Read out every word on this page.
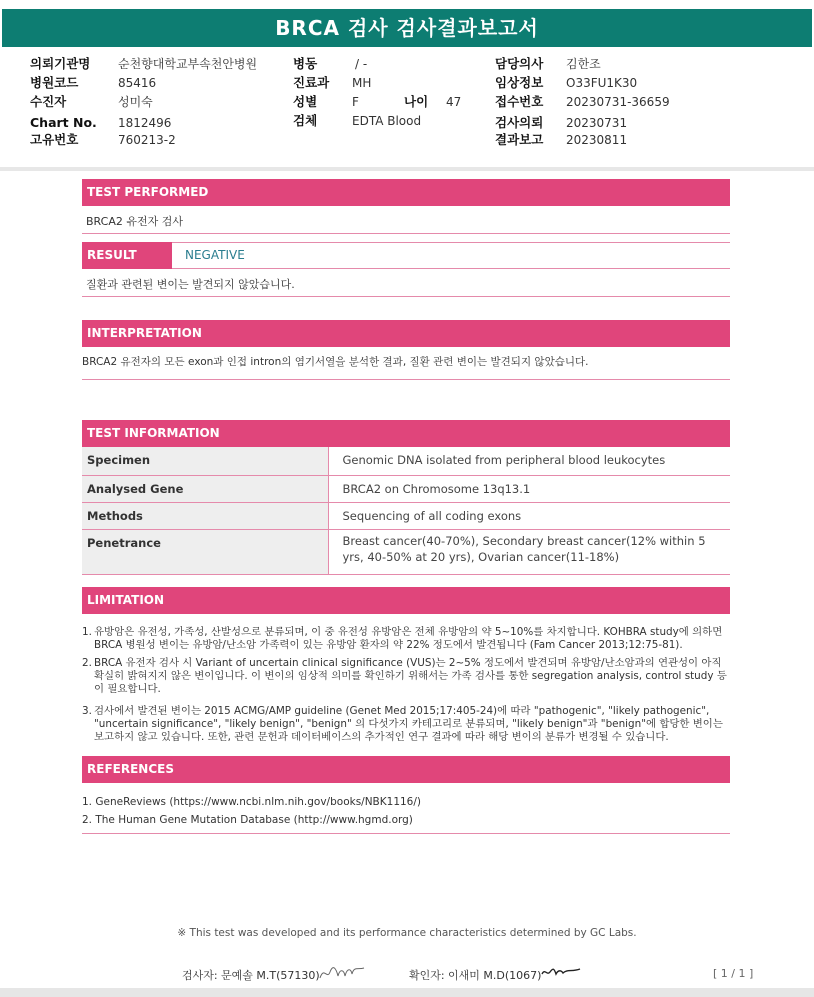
BRCA 검사 검사결과보고서
의뢰기관명 순천향대학교부속천안병원
병원코드	85416
수진자	성미숙
Chart No. 1812496
고유번호	760213-2
병동	/ -
진료과 MH
성별	F	나이 47
검체	EDTA Blood
담당의사 김한조
임상정보 O33FU1K30
접수번호 20230731-36659
검사의뢰 20230731
결과보고 20230811
TEST PERFORMED
BRCA2 유전자 검사
RESULT	NEGATIVE
질환과 관련된 변이는 발견되지 않았습니다.
INTERPRETATION
BRCA2 유전자의 모든 exon과 인접 intron의 염기서열을 분석한 결과, 질환 관련 변이는 발견되지 않았습니다.
TEST INFORMATION
Specimen	Genomic DNA isolated from peripheral blood leukocytes
Analysed Gene	BRCA2 on Chromosome 13q13.1
Methods	Sequencing of all coding exons
Penetrance	Breast cancer(40-70%), Secondary breast cancer(12% within 5 yrs, 40-50% at 20 yrs), Ovarian cancer(11-18%)
LIMITATION
1. 유방암은 유전성, 가족성, 산발성으로 분류되며, 이 중 유전성 유방암은 전체 유방암의 약 5~10%를 차지합니다. KOHBRA study에 의하면 BRCA 병원성 변이는 유방암/난소암 가족력이 있는 유방암 환자의 약 22% 정도에서 발견됩니다 (Fam Cancer 2013;12:75-81).
2. BRCA 유전자 검사 시 Variant of uncertain clinical significance (VUS)는 2~5% 정도에서 발견되며 유방암/난소암과의 연관성이 아직 확실히 밝혀지지 않은 변이입니다. 이 변이의 임상적 의미를 확인하기 위해서는 가족 검사를 통한 segregation analysis, control study 등이 필요합니다.
3. 검사에서 발견된 변이는 2015 ACMG/AMP guideline (Genet Med 2015;17:405-24)에 따라 "pathogenic", "likely pathogenic", "uncertain significance", "likely benign", "benign" 의 다섯가지 카테고리로 분류되며, "likely benign"과 "benign"에 합당한 변이는 보고하지 않고 있습니다. 또한, 관련 문헌과 데이터베이스의 추가적인 연구 결과에 따라 해당 변이의 분류가 변경될 수 있습니다.
REFERENCES
1. GeneReviews (https://www.ncbi.nlm.nih.gov/books/NBK1116/)
2. The Human Gene Mutation Database (http://www.hgmd.org)
※ This test was developed and its performance characteristics determined by GC Labs.
검사자: 문예솔 M.T(57130)	확인자: 이새미 M.D(1067)	[ 1 / 1 ]
